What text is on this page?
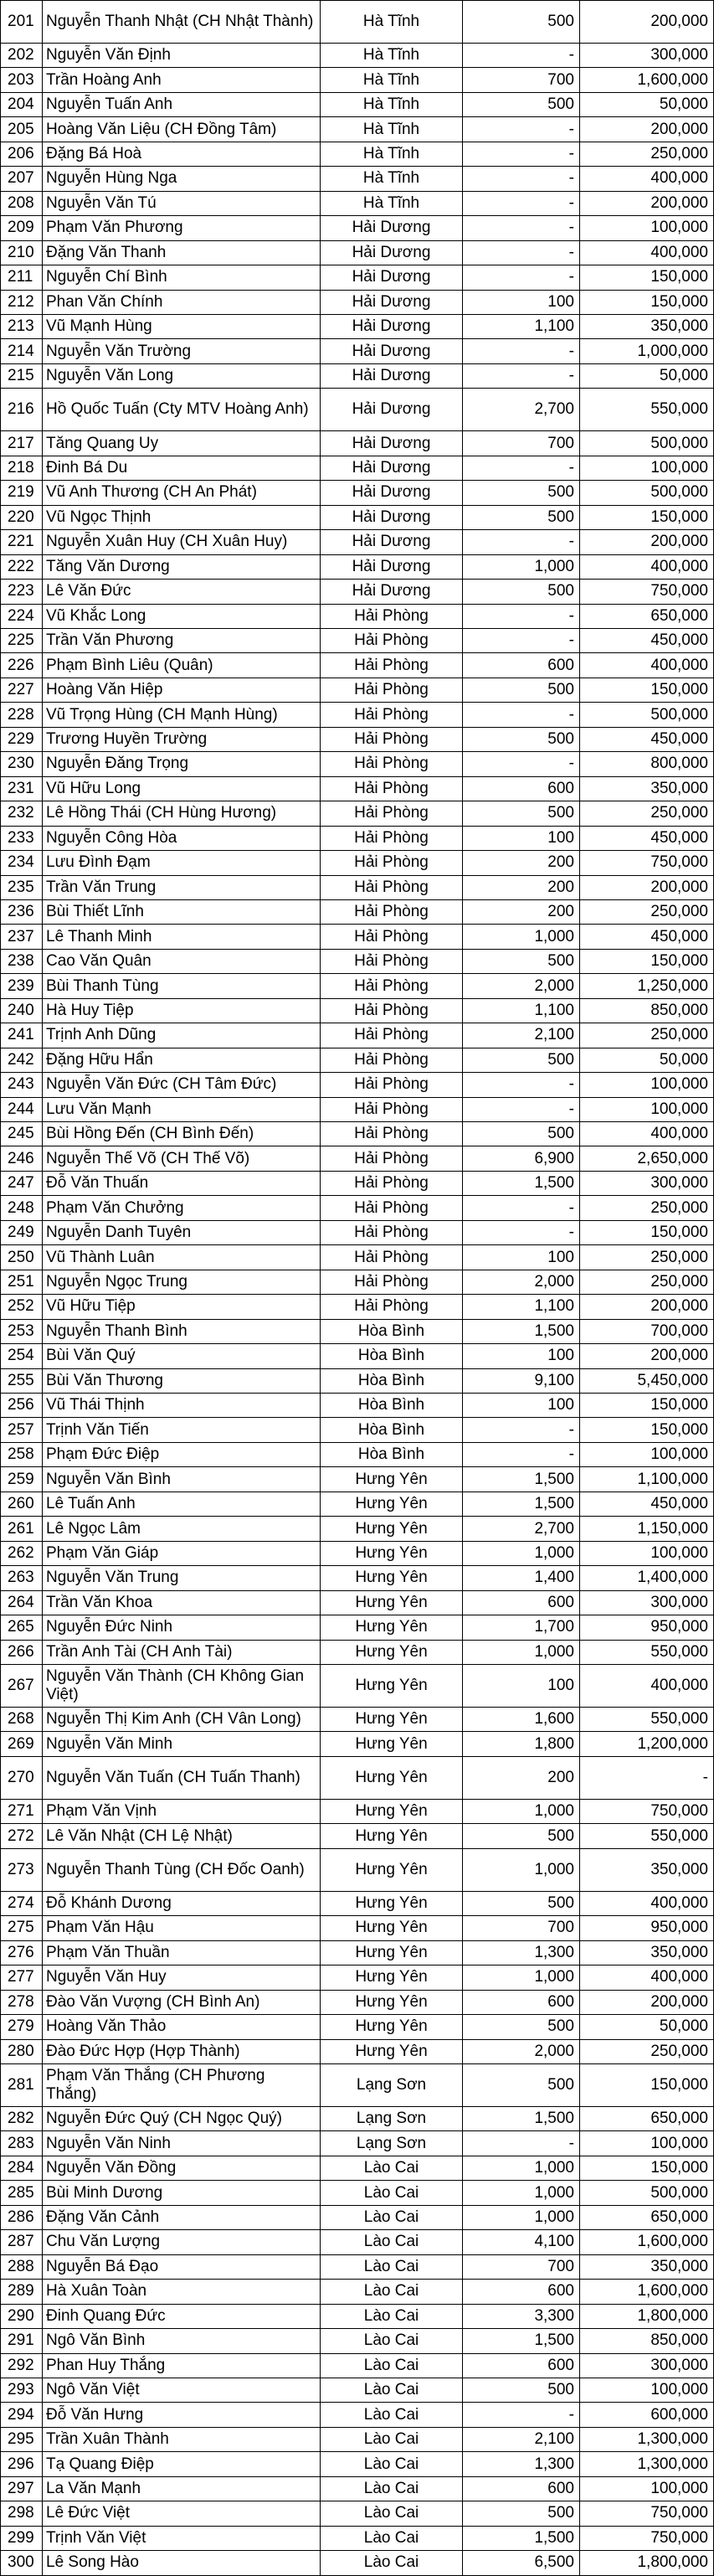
201	Nguyễn Thanh Nhật (CH Nhật Thành)	Hà Tĩnh	500	200,000
202	Nguyễn Văn Định	Hà Tĩnh	-	300,000
203	Trần Hoàng Anh	Hà Tĩnh	700	1,600,000
204	Nguyễn Tuấn Anh	Hà Tĩnh	500	50,000
205	Hoàng Văn Liệu (CH Đồng Tâm)	Hà Tĩnh	-	200,000
206	Đặng Bá Hoà	Hà Tĩnh	-	250,000
207	Nguyễn Hùng Nga	Hà Tĩnh	-	400,000
208	Nguyễn Văn Tú	Hà Tĩnh	-	200,000
209	Phạm Văn Phương	Hải Dương	-	100,000
210	Đặng Văn Thanh	Hải Dương	-	400,000
211	Nguyễn Chí Bình	Hải Dương	-	150,000
212	Phan Văn Chính	Hải Dương	100	150,000
213	Vũ Mạnh Hùng	Hải Dương	1,100	350,000
214	Nguyễn Văn Trường	Hải Dương	-	1,000,000
215	Nguyễn Văn Long	Hải Dương	-	50,000
216	Hồ Quốc Tuấn (Cty MTV Hoàng Anh)	Hải Dương	2,700	550,000
217	Tăng Quang Uy	Hải Dương	700	500,000
218	Đinh Bá Du	Hải Dương	-	100,000
219	Vũ Anh Thương (CH An Phát)	Hải Dương	500	500,000
220	Vũ Ngọc Thịnh	Hải Dương	500	150,000
221	Nguyễn Xuân Huy (CH Xuân Huy)	Hải Dương	-	200,000
222	Tăng Văn Dương	Hải Dương	1,000	400,000
223	Lê Văn Đức	Hải Dương	500	750,000
224	Vũ Khắc Long	Hải Phòng	-	650,000
225	Trần Văn Phương	Hải Phòng	-	450,000
226	Phạm Bình Liêu (Quân)	Hải Phòng	600	400,000
227	Hoàng Văn Hiệp	Hải Phòng	500	150,000
228	Vũ Trọng Hùng (CH Mạnh Hùng)	Hải Phòng	-	500,000
229	Trương Huyền Trường	Hải Phòng	500	450,000
230	Nguyễn Đăng Trọng	Hải Phòng	-	800,000
231	Vũ Hữu Long	Hải Phòng	600	350,000
232	Lê Hồng Thái (CH Hùng Hương)	Hải Phòng	500	250,000
233	Nguyễn Công Hòa	Hải Phòng	100	450,000
234	Lưu Đình Đạm	Hải Phòng	200	750,000
235	Trần Văn Trung	Hải Phòng	200	200,000
236	Bùi Thiết Lĩnh	Hải Phòng	200	250,000
237	Lê Thanh Minh	Hải Phòng	1,000	450,000
238	Cao Văn Quân	Hải Phòng	500	150,000
239	Bùi Thanh Tùng	Hải Phòng	2,000	1,250,000
240	Hà Huy Tiệp	Hải Phòng	1,100	850,000
241	Trịnh Anh Dũng	Hải Phòng	2,100	250,000
242	Đặng Hữu Hẩn	Hải Phòng	500	50,000
243	Nguyễn Văn Đức (CH Tâm Đức)	Hải Phòng	-	100,000
244	Lưu Văn Mạnh	Hải Phòng	-	100,000
245	Bùi Hồng Đến (CH Bình Đến)	Hải Phòng	500	400,000
246	Nguyễn Thế Võ (CH Thế Võ)	Hải Phòng	6,900	2,650,000
247	Đỗ Văn Thuấn	Hải Phòng	1,500	300,000
248	Phạm Văn Chưởng	Hải Phòng	-	250,000
249	Nguyễn Danh Tuyên	Hải Phòng	-	150,000
250	Vũ Thành Luân	Hải Phòng	100	250,000
251	Nguyễn Ngọc Trung	Hải Phòng	2,000	250,000
252	Vũ Hữu Tiệp	Hải Phòng	1,100	200,000
253	Nguyễn Thanh Bình	Hòa Bình	1,500	700,000
254	Bùi Văn Quý	Hòa Bình	100	200,000
255	Bùi Văn Thương	Hòa Bình	9,100	5,450,000
256	Vũ Thái Thịnh	Hòa Bình	100	150,000
257	Trịnh Văn Tiến	Hòa Bình	-	150,000
258	Phạm Đức Điệp	Hòa Bình	-	100,000
259	Nguyễn Văn Bình	Hưng Yên	1,500	1,100,000
260	Lê Tuấn Anh	Hưng Yên	1,500	450,000
261	Lê Ngọc Lâm	Hưng Yên	2,700	1,150,000
262	Phạm Văn Giáp	Hưng Yên	1,000	100,000
263	Nguyễn Văn Trung	Hưng Yên	1,400	1,400,000
264	Trần Văn Khoa	Hưng Yên	600	300,000
265	Nguyễn Đức Ninh	Hưng Yên	1,700	950,000
266	Trần Anh Tài (CH Anh Tài)	Hưng Yên	1,000	550,000
267	Nguyễn Văn Thành (CH Không Gian Việt)	Hưng Yên	100	400,000
268	Nguyễn Thị Kim Anh (CH Vân Long)	Hưng Yên	1,600	550,000
269	Nguyễn Văn Minh	Hưng Yên	1,800	1,200,000
270	Nguyễn Văn Tuấn (CH Tuấn Thanh)	Hưng Yên	200	-
271	Phạm Văn Vịnh	Hưng Yên	1,000	750,000
272	Lê Văn Nhật (CH Lệ Nhật)	Hưng Yên	500	550,000
273	Nguyễn Thanh Tùng (CH Đốc Oanh)	Hưng Yên	1,000	350,000
274	Đỗ Khánh Dương	Hưng Yên	500	400,000
275	Phạm Văn Hậu	Hưng Yên	700	950,000
276	Phạm Văn Thuần	Hưng Yên	1,300	350,000
277	Nguyễn Văn Huy	Hưng Yên	1,000	400,000
278	Đào Văn Vượng (CH Bình An)	Hưng Yên	600	200,000
279	Hoàng Văn Thảo	Hưng Yên	500	50,000
280	Đào Đức Hợp (Hợp Thành)	Hưng Yên	2,000	250,000
281	Phạm Văn Thắng (CH Phương Thắng)	Lạng Sơn	500	150,000
282	Nguyễn Đức Quý (CH Ngọc Quý)	Lạng Sơn	1,500	650,000
283	Nguyễn Văn Ninh	Lạng Sơn	-	100,000
284	Nguyễn Văn Đồng	Lào Cai	1,000	150,000
285	Bùi Minh Dương	Lào Cai	1,000	500,000
286	Đặng Văn Cảnh	Lào Cai	1,000	650,000
287	Chu Văn Lượng	Lào Cai	4,100	1,600,000
288	Nguyễn Bá Đạo	Lào Cai	700	350,000
289	Hà Xuân Toàn	Lào Cai	600	1,600,000
290	Đinh Quang Đức	Lào Cai	3,300	1,800,000
291	Ngô Văn Bình	Lào Cai	1,500	850,000
292	Phan Huy Thắng	Lào Cai	600	300,000
293	Ngô Văn Việt	Lào Cai	500	100,000
294	Đỗ Văn Hưng	Lào Cai	-	600,000
295	Trần Xuân Thành	Lào Cai	2,100	1,300,000
296	Tạ Quang Điệp	Lào Cai	1,300	1,300,000
297	La Văn Mạnh	Lào Cai	600	100,000
298	Lê Đức Việt	Lào Cai	500	750,000
299	Trịnh Văn Việt	Lào Cai	1,500	750,000
300	Lê Song Hào	Lào Cai	6,500	1,800,000
